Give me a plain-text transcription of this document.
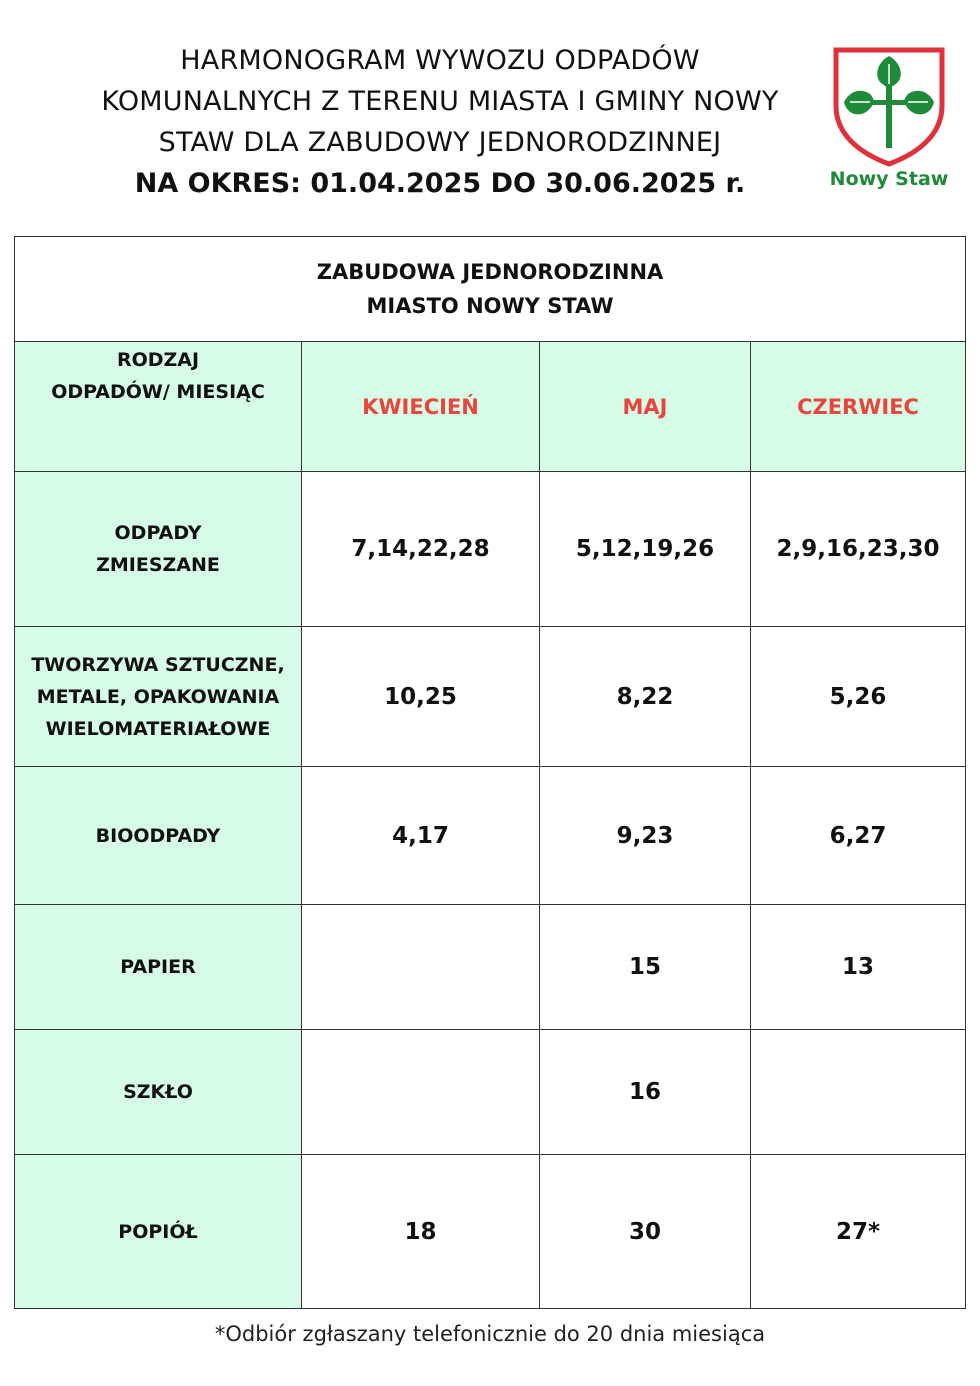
HARMONOGRAM WYWOZU ODPADÓW
KOMUNALNYCH Z TERENU MIASTA I GMINY NOWY
STAW DLA ZABUDOWY JEDNORODZINNEJ
NA OKRES: 01.04.2025 DO 30.06.2025 r.	Nowy Staw
ZABUDOWA JEDNORODZINNA
MIASTO NOWY STAW			

RODZAJ
ODPADÓW/ MIESIĄC	KWIECIEŃ	MAJ	CZERWIEC

ODPADY
ZMIESZANE	7,14,22,28	5,12,19,26	2,9,16,23,30

TWORZYWA SZTUCZNE,
METALE, OPAKOWANIA
WIELOMATERIAŁOWE	10,25	8,22	5,26

BIOODPADY	4,17	9,23	6,27

PAPIER		15	13

SZKŁO		16	

POPIÓŁ	18	30	27*
*Odbiór zgłaszany telefonicznie do 20 dnia miesiąca
